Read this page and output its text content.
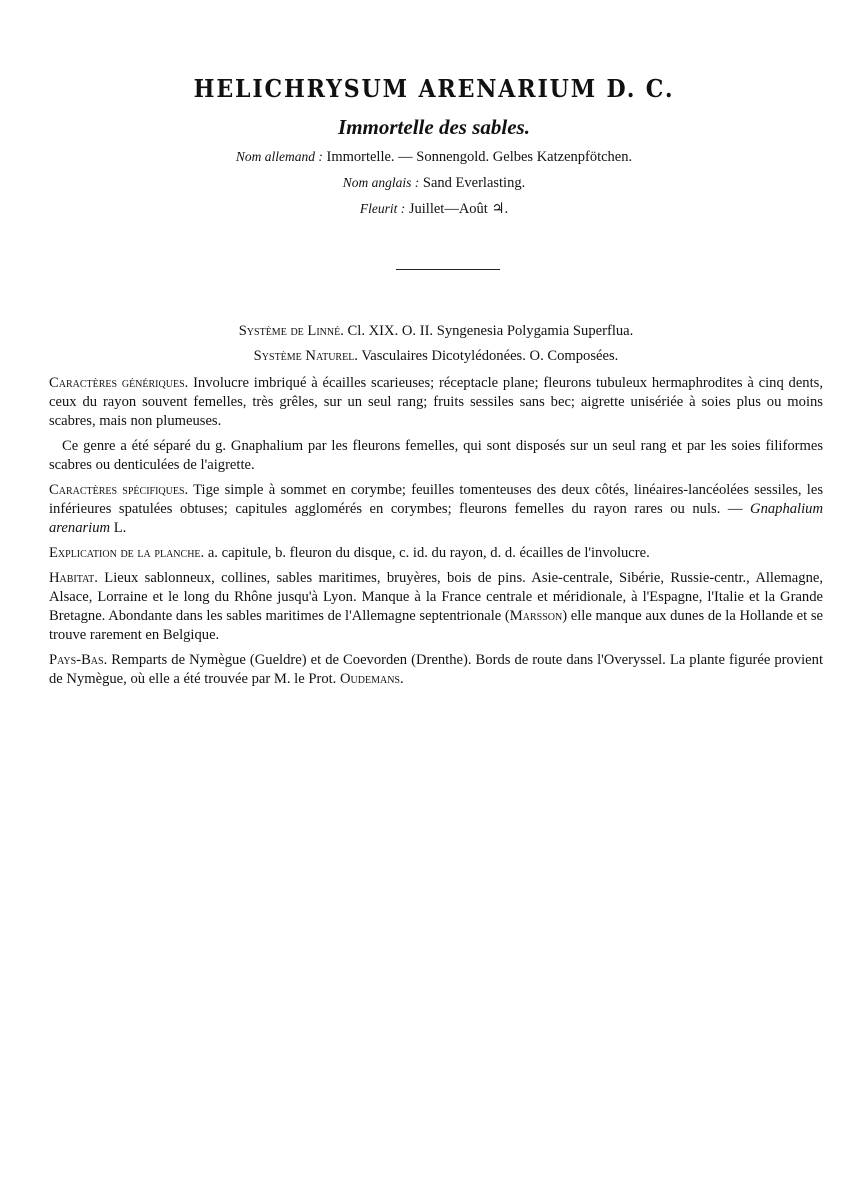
HELICHRYSUM ARENARIUM D. C.
Immortelle des sables.
Nom allemand : Immortelle. — Sonnengold. Gelbes Katzenpfötchen.
Nom anglais : Sand Everlasting.
Fleurit : Juillet—Août ♃.
Système de Linné. Cl. XIX. O. II. Syngenesia Polygamia Superflua.
Système Naturel. Vasculaires Dicotylédonées. O. Composées.

Caractères génériques. Involucre imbriqué à écailles scarieuses; réceptacle plane; fleurons tubuleux hermaphrodites à cinq dents, ceux du rayon souvent femelles, très grêles, sur un seul rang; fruits sessiles sans bec; aigrette unisériée à soies plus ou moins scabres, mais non plumeuses.

Ce genre a été séparé du g. Gnaphalium par les fleurons femelles, qui sont disposés sur un seul rang et par les soies filiformes scabres ou denticulées de l'aigrette.

Caractères spécifiques. Tige simple à sommet en corymbe; feuilles tomenteuses des deux côtés, linéaires-lancéolées sessiles, les inférieures spatulées obtuses; capitules agglomérés en corymbes; fleurons femelles du rayon rares ou nuls. — Gnaphalium arenarium L.

Explication de la planche. a. capitule, b. fleuron du disque, c. id. du rayon, d. d. écailles de l'involucre.

Habitat. Lieux sablonneux, collines, sables maritimes, bruyères, bois de pins. Asie-centrale, Sibérie, Russie-centr., Allemagne, Alsace, Lorraine et le long du Rhône jusqu'à Lyon. Manque à la France centrale et méridionale, à l'Espagne, l'Italie et la Grande Bretagne. Abondante dans les sables maritimes de l'Allemagne septentrionale (Marsson) elle manque aux dunes de la Hollande et se trouve rarement en Belgique.

Pays-Bas. Remparts de Nymègue (Gueldre) et de Coevorden (Drenthe). Bords de route dans l'Overyssel. La plante figurée provient de Nymègue, où elle a été trouvée par M. le Prot. Oudemans.
